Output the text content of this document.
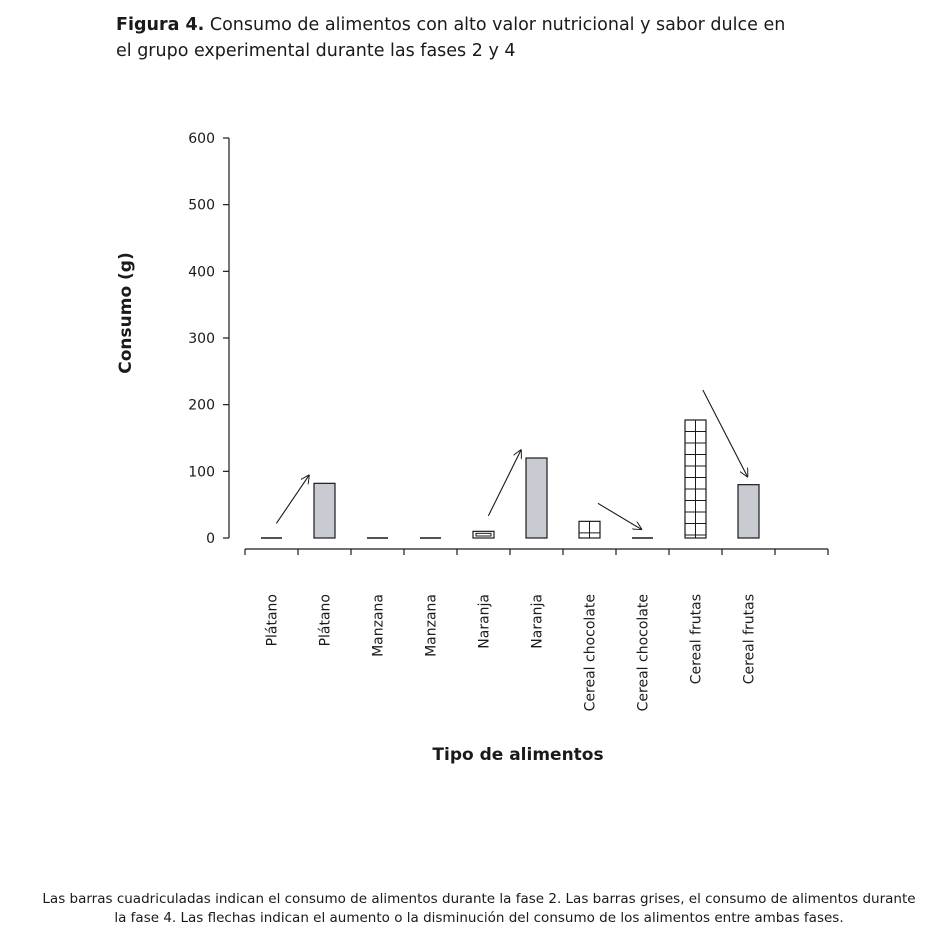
Figura 4. Consumo de alimentos con alto valor nutricional y sabor dulce en
el grupo experimental durante las fases 2 y 4
0
100
200
300
400
500
600
Plátano	Plátano	Manzana	Manzana	Naranja	Naranja	Cereal chocolate	Cereal chocolate	Cereal frutas	Cereal frutas
Consumo (g)
Tipo de alimentos
Las barras cuadriculadas indican el consumo de alimentos durante la fase 2. Las barras grises, el consumo de alimentos durante
la fase 4. Las flechas indican el aumento o la disminución del consumo de los alimentos entre ambas fases.
